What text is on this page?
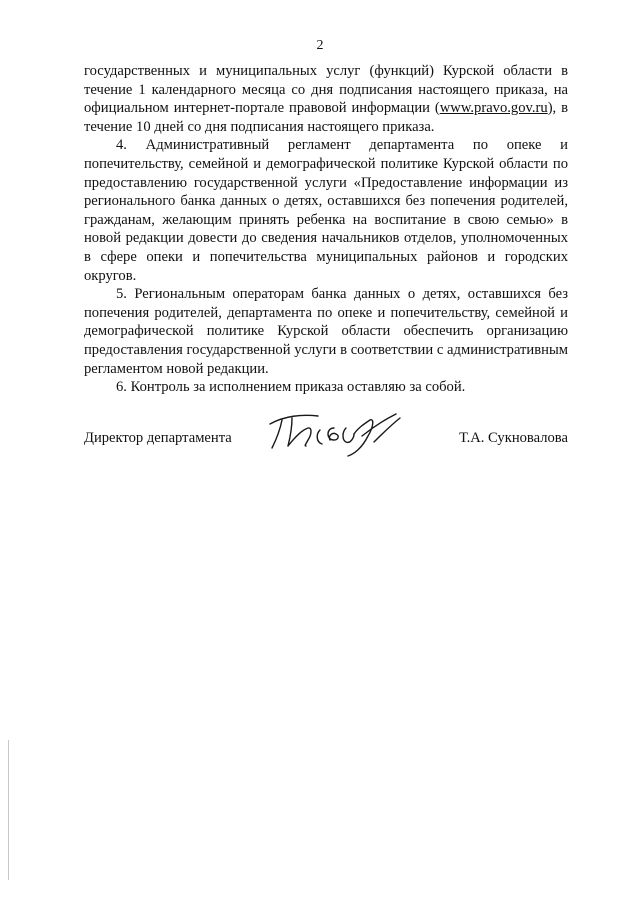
2

государственных и муниципальных услуг (функций) Курской области в течение 1 календарного месяца со дня подписания настоящего приказа, на официальном интернет-портале правовой информации (www.pravo.gov.ru), в течение 10 дней со дня подписания настоящего приказа.

4. Административный регламент департамента по опеке и попечительству, семейной и демографической политике Курской области по предоставлению государственной услуги «Предоставление информации из регионального банка данных о детях, оставшихся без попечения родителей, гражданам, желающим принять ребенка на воспитание в свою семью» в новой редакции довести до сведения начальников отделов, уполномоченных в сфере опеки и попечительства муниципальных районов и городских округов.

5. Региональным операторам банка данных о детях, оставшихся без попечения родителей, департамента по опеке и попечительству, семейной и демографической политике Курской области обеспечить организацию предоставления государственной услуги в соответствии с административным регламентом новой редакции.

6. Контроль за исполнением приказа оставляю за собой.

Директор департамента	Т.А. Сукновалова
